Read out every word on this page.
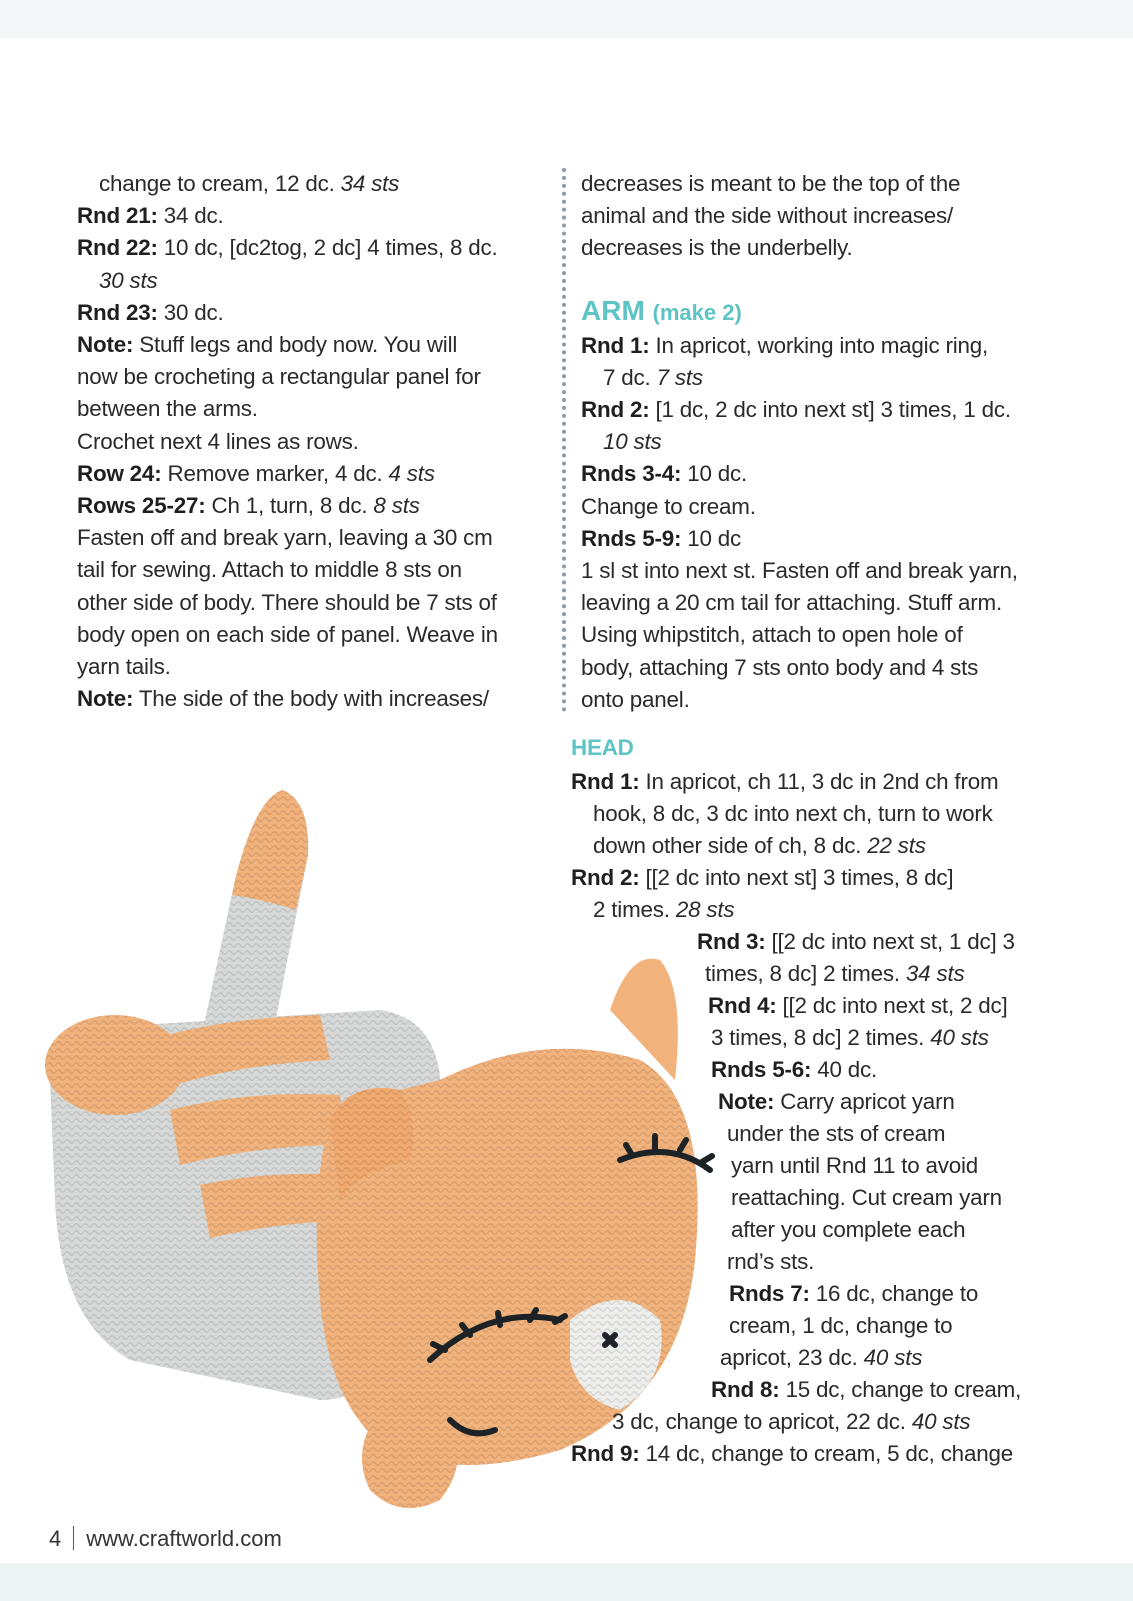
change to cream, 12 dc. 34 sts
Rnd 21: 34 dc.
Rnd 22: 10 dc, [dc2tog, 2 dc] 4 times, 8 dc.
30 sts
Rnd 23: 30 dc.
Note: Stuff legs and body now. You will
now be crocheting a rectangular panel for
between the arms.
Crochet next 4 lines as rows.
Row 24: Remove marker, 4 dc. 4 sts
Rows 25-27: Ch 1, turn, 8 dc. 8 sts
Fasten off and break yarn, leaving a 30 cm
tail for sewing. Attach to middle 8 sts on
other side of body. There should be 7 sts of
body open on each side of panel. Weave in
yarn tails.
Note: The side of the body with increases/
decreases is meant to be the top of the
animal and the side without increases/
decreases is the underbelly.
ARM (make 2)
Rnd 1: In apricot, working into magic ring,
7 dc. 7 sts
Rnd 2: [1 dc, 2 dc into next st] 3 times, 1 dc.
10 sts
Rnds 3-4: 10 dc.
Change to cream.
Rnds 5-9: 10 dc
1 sl st into next st. Fasten off and break yarn,
leaving a 20 cm tail for attaching. Stuff arm.
Using whipstitch, attach to open hole of
body, attaching 7 sts onto body and 4 sts
onto panel.
HEAD
Rnd 1: In apricot, ch 11, 3 dc in 2nd ch from
hook, 8 dc, 3 dc into next ch, turn to work
down other side of ch, 8 dc. 22 sts
Rnd 2: [[2 dc into next st] 3 times, 8 dc]
2 times. 28 sts
Rnd 3: [[2 dc into next st, 1 dc] 3
times, 8 dc] 2 times. 34 sts
Rnd 4: [[2 dc into next st, 2 dc]
3 times, 8 dc] 2 times. 40 sts
Rnds 5-6: 40 dc.
Note: Carry apricot yarn
under the sts of cream
yarn until Rnd 11 to avoid
reattaching. Cut cream yarn
after you complete each
rnd’s sts.
Rnds 7: 16 dc, change to
cream, 1 dc, change to
apricot, 23 dc. 40 sts
Rnd 8: 15 dc, change to cream,
3 dc, change to apricot, 22 dc. 40 sts
Rnd 9: 14 dc, change to cream, 5 dc, change
4 www.craftworld.com
